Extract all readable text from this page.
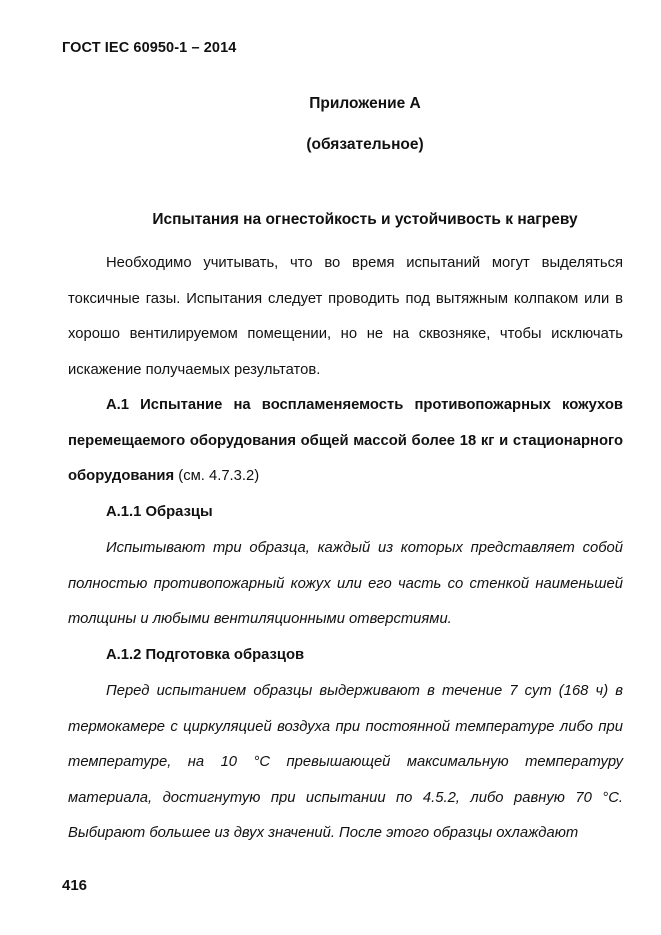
ГОСТ IEC 60950-1 – 2014
Приложение А
(обязательное)
Испытания на огнестойкость и устойчивость к нагреву

Необходимо учитывать, что во время испытаний могут выделяться токсичные газы. Испытания следует проводить под вытяжным колпаком или в хорошо вентилируемом помещении, но не на сквозняке, чтобы исключать искажение получаемых результатов.

А.1 Испытание на воспламеняемость противопожарных кожухов перемещаемого оборудования общей массой более 18 кг и стационарного оборудования (см. 4.7.3.2)

А.1.1 Образцы

Испытывают три образца, каждый из которых представляет собой полностью противопожарный кожух или его часть со стенкой наименьшей толщины и любыми вентиляционными отверстиями.

А.1.2 Подготовка образцов

Перед испытанием образцы выдерживают в течение 7 сут (168 ч) в термокамере с циркуляцией воздуха при постоянной температуре либо при температуре, на 10 °С превышающей максимальную температуру материала, достигнутую при испытании по 4.5.2, либо равную 70 °С. Выбирают большее из двух значений. После этого образцы охлаждают

416
